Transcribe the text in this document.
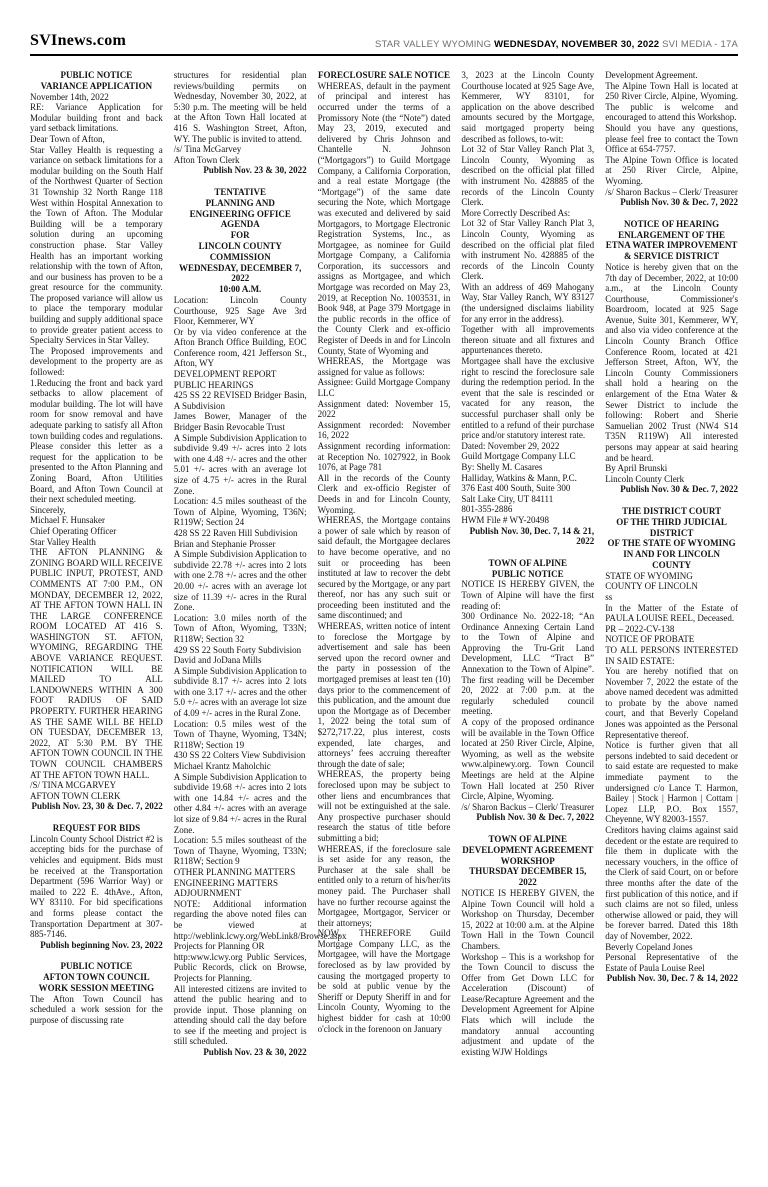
SVInews.com	STAR VALLEY WYOMING WEDNESDAY, NOVEMBER 30, 2022 SVI MEDIA - 17A
PUBLIC NOTICE
VARIANCE APPLICATION

November 14th, 2022

RE: Variance Application for Modular building front and back yard setback limitations.

Dear Town of Afton,

Star Valley Health is requesting a variance on setback limitations for a modular building on the South Half of the Northwest Quarter of Section 31 Township 32 North Range 118 West within Hospital Annexation to the Town of Afton. The Modular Building will be a temporary solution during an upcoming construction phase. Star Valley Health has an important working relationship with the town of Afton, and our business has proven to be a great resource for the community. The proposed variance will allow us to place the temporary modular building and supply additional space to provide greater patient access to Specialty Services in Star Valley.

The Proposed improvements and development to the property are as followed:

1.Reducing the front and back yard setbacks to allow placement of modular building. The lot will have room for snow removal and have adequate parking to satisfy all Afton town building codes and regulations.

Please consider this letter as a request for the application to be presented to the Afton Planning and Zoning Board, Afton Utilities Board, and Afton Town Council at their next scheduled meeting.

Sincerely,

Michael F. Hunsaker

Chief Operating Officer

Star Valley Health

THE AFTON PLANNING & ZONING BOARD WILL RECEIVE PUBLIC INPUT, PROTEST, AND COMMENTS AT 7:00 P.M., ON MONDAY, DECEMBER 12, 2022, AT THE AFTON TOWN HALL IN THE LARGE CONFERENCE ROOM LOCATED AT 416 S. WASHINGTON ST. AFTON, WYOMING, REGARDING THE ABOVE VARIANCE REQUEST. NOTIFICATION WILL BE MAILED TO ALL LANDOWNERS WITHIN A 300 FOOT RADIUS OF SAID PROPERTY. FURTHER HEARING AS THE SAME WILL BE HELD ON TUESDAY, DECEMBER 13, 2022, AT 5:30 P.M. BY THE AFTON TOWN COUNCIL IN THE TOWN COUNCIL CHAMBERS AT THE AFTON TOWN HALL.

/S/ TINA MCGARVEY

AFTON TOWN CLERK

Publish Nov. 23, 30 & Dec. 7, 2022

REQUEST FOR BIDS

Lincoln County School District #2 is accepting bids for the purchase of vehicles and equipment. Bids must be received at the Transportation Department (596 Warrior Way) or mailed to 222 E. 4thAve., Afton, WY 83110. For bid specifications and forms please contact the Transportation Department at 307-885-7146.

Publish beginning Nov. 23, 2022

PUBLIC NOTICE
AFTON TOWN COUNCIL
WORK SESSION MEETING

The Afton Town Council has scheduled a work session for the purpose of discussing rate

structures for residential plan reviews/building permits on Wednesday, November 30, 2022, at 5:30 p.m. The meeting will be held at the Afton Town Hall located at 416 S. Washington Street, Afton, WY. The public is invited to attend.

/s/ Tina McGarvey

Afton Town Clerk

Publish Nov. 23 & 30, 2022

TENTATIVE
PLANNING AND
ENGINEERING OFFICE
AGENDA
FOR
LINCOLN COUNTY
COMMISSION
WEDNESDAY, DECEMBER 7, 2022
10:00 A.M.

Location: Lincoln County Courthouse, 925 Sage Ave 3rd Floor, Kemmerer, WY

Or by via video conference at the Afton Branch Office Building, EOC Conference room, 421 Jefferson St., Afton, WY

DEVELOPMENT REPORT

PUBLIC HEARINGS

425 SS 22 REVISED Bridger Basin, A Subdivision

James Bower, Manager of the Bridger Basin Revocable Trust

A Simple Subdivision Application to subdivide 9.49 +/- acres into 2 lots with one 4.48 +/- acres and the other 5.01 +/- acres with an average lot size of 4.75 +/- acres in the Rural Zone.

Location: 4.5 miles southeast of the Town of Alpine, Wyoming, T36N; R119W; Section 24

428 SS 22 Raven Hill Subdivision

Brian and Stephanie Prosser

A Simple Subdivision Application to subdivide 22.78 +/- acres into 2 lots with one 2.78 +/- acres and the other 20.00 +/- acres with an average lot size of 11.39 +/- acres in the Rural Zone.

Location: 3.0 miles north of the Town of Afton, Wyoming, T33N; R118W; Section 32

429 SS 22 South Forty Subdivision

David and JoDana Mills

A Simple Subdivision Application to subdivide 8.17 +/- acres into 2 lots with one 3.17 +/- acres and the other 5.0 +/- acres with an average lot size of 4.09 +/- acres in the Rural Zone.

Location: 0.5 miles west of the Town of Thayne, Wyoming, T34N; R118W; Section 19

430 SS 22 Colters View Subdivision

Michael Krantz Maholchic

A Simple Subdivision Application to subdivide 19.68 +/- acres into 2 lots with one 14.84 +/- acres and the other 4.84 +/- acres with an average lot size of 9.84 +/- acres in the Rural Zone.

Location: 5.5 miles southeast of the Town of Thayne, Wyoming, T33N; R118W; Section 9

OTHER PLANNING MATTERS

ENGINEERING MATTERS

ADJOURNMENT

NOTE: Additional information regarding the above noted files can be viewed at http://weblink.lcwy.org/WebLink8/Browse.aspx Projects for Planning OR

http:www.lcwy.org Public Services, Public Records, click on Browse, Projects for Planning.

All interested citizens are invited to attend the public hearing and to provide input. Those planning on attending should call the day before to see if the meeting and project is still scheduled.

Publish Nov. 23 & 30, 2022

FORECLOSURE SALE NOTICE

WHEREAS, default in the payment of principal and interest has occurred under the terms of a Promissory Note (the “Note”) dated May 23, 2019, executed and delivered by Chris Johnson and Chantelle N. Johnson (“Mortgagors”) to Guild Mortgage Company, a California Corporation, and a real estate Mortgage (the “Mortgage”) of the same date securing the Note, which Mortgage was executed and delivered by said Mortgagors, to Mortgage Electronic Registration Systems, Inc., as Mortgagee, as nominee for Guild Mortgage Company, a California Corporation, its successors and assigns as Mortgagee, and which Mortgage was recorded on May 23, 2019, at Reception No. 1003531, in Book 948, at Page 379 Mortgage in the public records in the office of the County Clerk and ex-officio Register of Deeds in and for Lincoln County, State of Wyoming and

WHEREAS, the Mortgage was assigned for value as follows:

Assignee: Guild Mortgage Company LLC

Assignment dated: November 15, 2022

Assignment recorded: November 16, 2022

Assignment recording information: at Reception No. 1027922, in Book 1076, at Page 781

All in the records of the County Clerk and ex-officio Register of Deeds in and for Lincoln County, Wyoming.

WHEREAS, the Mortgage contains a power of sale which by reason of said default, the Mortgagee declares to have become operative, and no suit or proceeding has been instituted at law to recover the debt secured by the Mortgage, or any part thereof, nor has any such suit or proceeding been instituted and the same discontinued; and

WHEREAS, written notice of intent to foreclose the Mortgage by advertisement and sale has been served upon the record owner and the party in possession of the mortgaged premises at least ten (10) days prior to the commencement of this publication, and the amount due upon the Mortgage as of December 1, 2022 being the total sum of $272,717.22, plus interest, costs expended, late charges, and attorneys’ fees accruing thereafter through the date of sale;

WHEREAS, the property being foreclosed upon may be subject to other liens and encumbrances that will not be extinguished at the sale. Any prospective purchaser should research the status of title before submitting a bid;

WHEREAS, if the foreclosure sale is set aside for any reason, the Purchaser at the sale shall be entitled only to a return of his/her/its money paid. The Purchaser shall have no further recourse against the Mortgagee, Mortgagor, Servicer or their attorneys;

NOW, THEREFORE Guild Mortgage Company LLC, as the Mortgagee, will have the Mortgage foreclosed as by law provided by causing the mortgaged property to be sold at public venue by the Sheriff or Deputy Sheriff in and for Lincoln County, Wyoming to the highest bidder for cash at 10:00 o'clock in the forenoon on January

3, 2023 at the Lincoln County Courthouse located at 925 Sage Ave, Kemmerer, WY 83101, for application on the above described amounts secured by the Mortgage, said mortgaged property being described as follows, to-wit:

Lot 32 of Star Valley Ranch Plat 3, Lincoln County, Wyoming as described on the official plat filled with instrument No. 428885 of the records of the Lincoln County Clerk.

More Correctly Described As:

Lot 32 of Star Valley Ranch Plat 3, Lincoln County, Wyoming as described on the official plat filed with instrument No. 428885 of the records of the Lincoln County Clerk.

With an address of 469 Mahogany Way, Star Valley Ranch, WY 83127 (the undersigned disclaims liability for any error in the address).

Together with all improvements thereon situate and all fixtures and appurtenances thereto.

Mortgagee shall have the exclusive right to rescind the foreclosure sale during the redemption period. In the event that the sale is rescinded or vacated for any reason, the successful purchaser shall only be entitled to a refund of their purchase price and/or statutory interest rate.

Dated: November 29, 2022

Guild Mortgage Company LLC

By: Shelly M. Casares

Halliday, Watkins & Mann, P.C.

376 East 400 South, Suite 300

Salt Lake City, UT 84111

801-355-2886

HWM File # WY-20498

Publish Nov. 30, Dec. 7, 14 & 21, 2022

TOWN OF ALPINE
PUBLIC NOTICE

NOTICE IS HEREBY GIVEN, the Town of Alpine will have the first reading of:

300 Ordinance No. 2022-18; “An Ordinance Annexing Certain Land to the Town of Alpine and Approving the Tru-Grit Land Development, LLC “Tract B” Annexation to the Town of Alpine”. The first reading will be December 20, 2022 at 7:00 p.m. at the regularly scheduled council meeting.

A copy of the proposed ordinance will be available in the Town Office located at 250 River Circle, Alpine, Wyoming, as well as the website www.alpinewy.org. Town Council Meetings are held at the Alpine Town Hall located at 250 River Circle, Alpine, Wyoming.

/s/ Sharon Backus – Clerk/ Treasurer

Publish Nov. 30 & Dec. 7, 2022

TOWN OF ALPINE
DEVELOPMENT AGREEMENT
WORKSHOP
THURSDAY DECEMBER 15,
2022

NOTICE IS HEREBY GIVEN, the Alpine Town Council will hold a Workshop on Thursday, December 15, 2022 at 10:00 a.m. at the Alpine Town Hall in the Town Council Chambers.

Workshop – This is a workshop for the Town Council to discuss the Offer from Get Down LLC for Acceleration (Discount) of Lease/Recapture Agreement and the Development Agreement for Alpine Flats which will include the mandatory annual accounting adjustment and update of the existing WJW Holdings

Development Agreement.

The Alpine Town Hall is located at 250 River Circle, Alpine, Wyoming. The public is welcome and encouraged to attend this Workshop.

Should you have any questions, please feel free to contact the Town Office at 654-7757.

The Alpine Town Office is located at 250 River Circle, Alpine, Wyoming.

/s/ Sharon Backus – Clerk/ Treasurer

Publish Nov. 30 & Dec. 7, 2022

NOTICE OF HEARING
ENLARGEMENT OF THE
ETNA WATER IMPROVEMENT
& SERVICE DISTRICT

Notice is hereby given that on the 7th day of December, 2022, at 10:00 a.m., at the Lincoln County Courthouse, Commissioner's Boardroom, located at 925 Sage Avenue, Suite 301, Kemmerer, WY, and also via video conference at the Lincoln County Branch Office Conference Room, located at 421 Jefferson Street, Afton, WY, the Lincoln County Commissioners shall hold a hearing on the enlargement of the Etna Water & Sewer District to include the following: Robert and Sherie Samuelian 2002 Trust (NW4 S14 T35N R119W) All interested persons may appear at said hearing and be heard.

By April Brunski

Lincoln County Clerk

Publish Nov. 30 & Dec. 7, 2022

THE DISTRICT COURT
OF THE THIRD JUDICIAL
DISTRICT
OF THE STATE OF WYOMING
IN AND FOR LINCOLN
COUNTY

STATE OF WYOMING

COUNTY OF LINCOLN

ss

In the Matter of the Estate of PAULA LOUISE REEL, Deceased.

PR – 2022-CV-138

NOTICE OF PROBATE

TO ALL PERSONS INTERESTED IN SAID ESTATE:

You are hereby notified that on November 7, 2022 the estate of the above named decedent was admitted to probate by the above named court, and that Beverly Copeland Jones was appointed as the Personal Representative thereof.

Notice is further given that all persons indebted to said decedent or to said estate are requested to make immediate payment to the undersigned c/o Lance T. Harmon, Bailey | Stock | Harmon | Cottam | Lopez LLP, P.O. Box 1557, Cheyenne, WY 82003-1557.

Creditors having claims against said decedent or the estate are required to file them in duplicate with the necessary vouchers, in the office of the Clerk of said Court, on or before three months after the date of the first publication of this notice, and if such claims are not so filed, unless otherwise allowed or paid, they will be forever barred. Dated this 18th day of November, 2022.

Beverly Copeland Jones

Personal Representative of the Estate of Paula Louise Reel

Publish Nov. 30, Dec. 7 & 14, 2022
